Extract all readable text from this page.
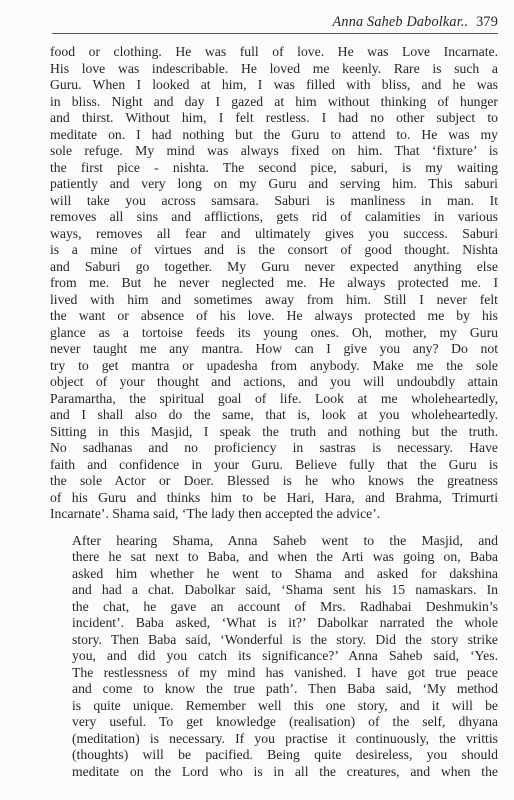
Anna Saheb Dabolkar.. 379

food or clothing. He was full of love. He was Love Incarnate.
His love was indescribable. He loved me keenly. Rare is such a
Guru. When I looked at him, I was filled with bliss, and he was
in bliss. Night and day I gazed at him without thinking of hunger
and thirst. Without him, I felt restless. I had no other subject to
meditate on. I had nothing but the Guru to attend to. He was my
sole refuge. My mind was always fixed on him. That ‘fixture’ is
the first pice - nishta. The second pice, saburi, is my waiting
patiently and very long on my Guru and serving him. This saburi
will take you across samsara. Saburi is manliness in man. It
removes all sins and afflictions, gets rid of calamities in various
ways, removes all fear and ultimately gives you success. Saburi
is a mine of virtues and is the consort of good thought. Nishta
and Saburi go together. My Guru never expected anything else
from me. But he never neglected me. He always protected me. I
lived with him and sometimes away from him. Still I never felt
the want or absence of his love. He always protected me by his
glance as a tortoise feeds its young ones. Oh, mother, my Guru
never taught me any mantra. How can I give you any? Do not
try to get mantra or upadesha from anybody. Make me the sole
object of your thought and actions, and you will undoubdly attain
Paramartha, the spiritual goal of life. Look at me wholeheartedly,
and I shall also do the same, that is, look at you wholeheartedly.
Sitting in this Masjid, I speak the truth and nothing but the truth.
No sadhanas and no proficiency in sastras is necessary. Have
faith and confidence in your Guru. Believe fully that the Guru is
the sole Actor or Doer. Blessed is he who knows the greatness
of his Guru and thinks him to be Hari, Hara, and Brahma, Trimurti
Incarnate’. Shama said, ‘The lady then accepted the advice’.

After hearing Shama, Anna Saheb went to the Masjid, and
there he sat next to Baba, and when the Arti was going on, Baba
asked him whether he went to Shama and asked for dakshina
and had a chat. Dabolkar said, ‘Shama sent his 15 namaskars. In
the chat, he gave an account of Mrs. Radhabai Deshmukin’s
incident’. Baba asked, ‘What is it?’ Dabolkar narrated the whole
story. Then Baba said, ‘Wonderful is the story. Did the story strike
you, and did you catch its significance?’ Anna Saheb said, ‘Yes.
The restlessness of my mind has vanished. I have got true peace
and come to know the true path’. Then Baba said, ‘My method
is quite unique. Remember well this one story, and it will be
very useful. To get knowledge (realisation) of the self, dhyana
(meditation) is necessary. If you practise it continuously, the vrittis
(thoughts) will be pacified. Being quite desireless, you should
meditate on the Lord who is in all the creatures, and when the
